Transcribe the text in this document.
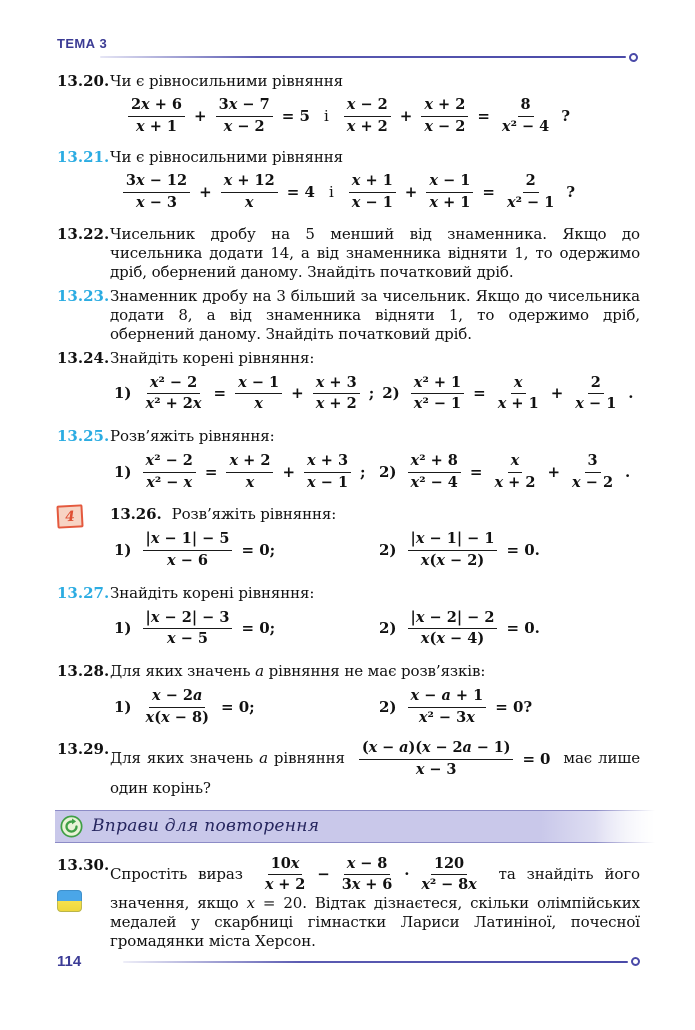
ТЕМА 3
13.20. Чи є рівносильними рівняння
$\frac{2x + 6}{x + 1} + \frac{3x - 7}{x - 2} = 5$ і $\frac{x - 2}{x + 2} + \frac{x + 2}{x - 2} = \frac{8}{\text{x² − 4}}$ ?
13.21. Чи є рівносильними рівняння
$\frac{3x - 12}{x - 3} + \frac{x + 12}{x} = 4$ і $\frac{x + 1}{x - 1} + \frac{x - 1}{x + 1} = \frac{2}{\text{x² − 1}}$ ?
13.22. Чисельник дробу на 5 менший від знаменника. Якщо до чисельника додати 14, а від знаменника відняти 1, то одержимо дріб, обернений даному. Знайдіть початковий дріб.
13.23. Знаменник дробу на 3 більший за чисельник. Якщо до чисельника додати 8, а від знаменника відняти 1, то одержимо дріб, обернений даному. Знайдіть початковий дріб.
13.24. Знайдіть корені рівняння:
$1) \frac{\text{x² − 2}}{\text{x² + 2x}} = \frac{x - 1}{x} + \frac{x + 3}{x + 2}$ ; $2) \frac{\text{x² + 1}}{\text{x² − 1}} = \frac{x}{x + 1} + \frac{2}{x - 1}$ .
13.25. Розв’яжіть рівняння:
$1) \frac{\text{x² − 2}}{\text{x² − x}} = \frac{x + 2}{x} + \frac{x + 3}{x - 1}$ ; $2) \frac{\text{x² + 8}}{\text{x² − 4}} = \frac{x}{x + 2} + \frac{3}{x - 2}$ .
4	13.26. Розв’яжіть рівняння:
$1) \frac{|x - 1| - 5}{x - 6} = 0$;	$2) \frac{|x - 1| - 1}{x(x - 2)} = 0$.
13.27. Знайдіть корені рівняння:
$1) \frac{|x - 2| - 3}{x - 5} = 0$;	$2) \frac{|x - 2| - 2}{x(x - 4)} = 0$.
13.28. Для яких значень a рівняння не має розв’язків:
$1) \frac{x - 2a}{x(x - 8)} = 0$;	$2) \frac{x - a + 1}{\text{x² − 3x}} = 0$?
13.29.
Для яких значень a рівняння $\frac{(x - a)(x - 2a - 1)}{x - 3} = 0$ має лише один корінь?
Вправи для повторення
13.30.
Спростіть вираз $\frac{10x}{x + 2} - \frac{x - 8}{3x + 6} \cdot \frac{120}{\text{x² − 8x}}$ та знайдіть його значення, якщо x = 20. Відтак дізнаєтеся, скільки олімпійських медалей у скарбниці гімнастки Лариси Латиніної, почесної громадянки міста Херсон.
114
